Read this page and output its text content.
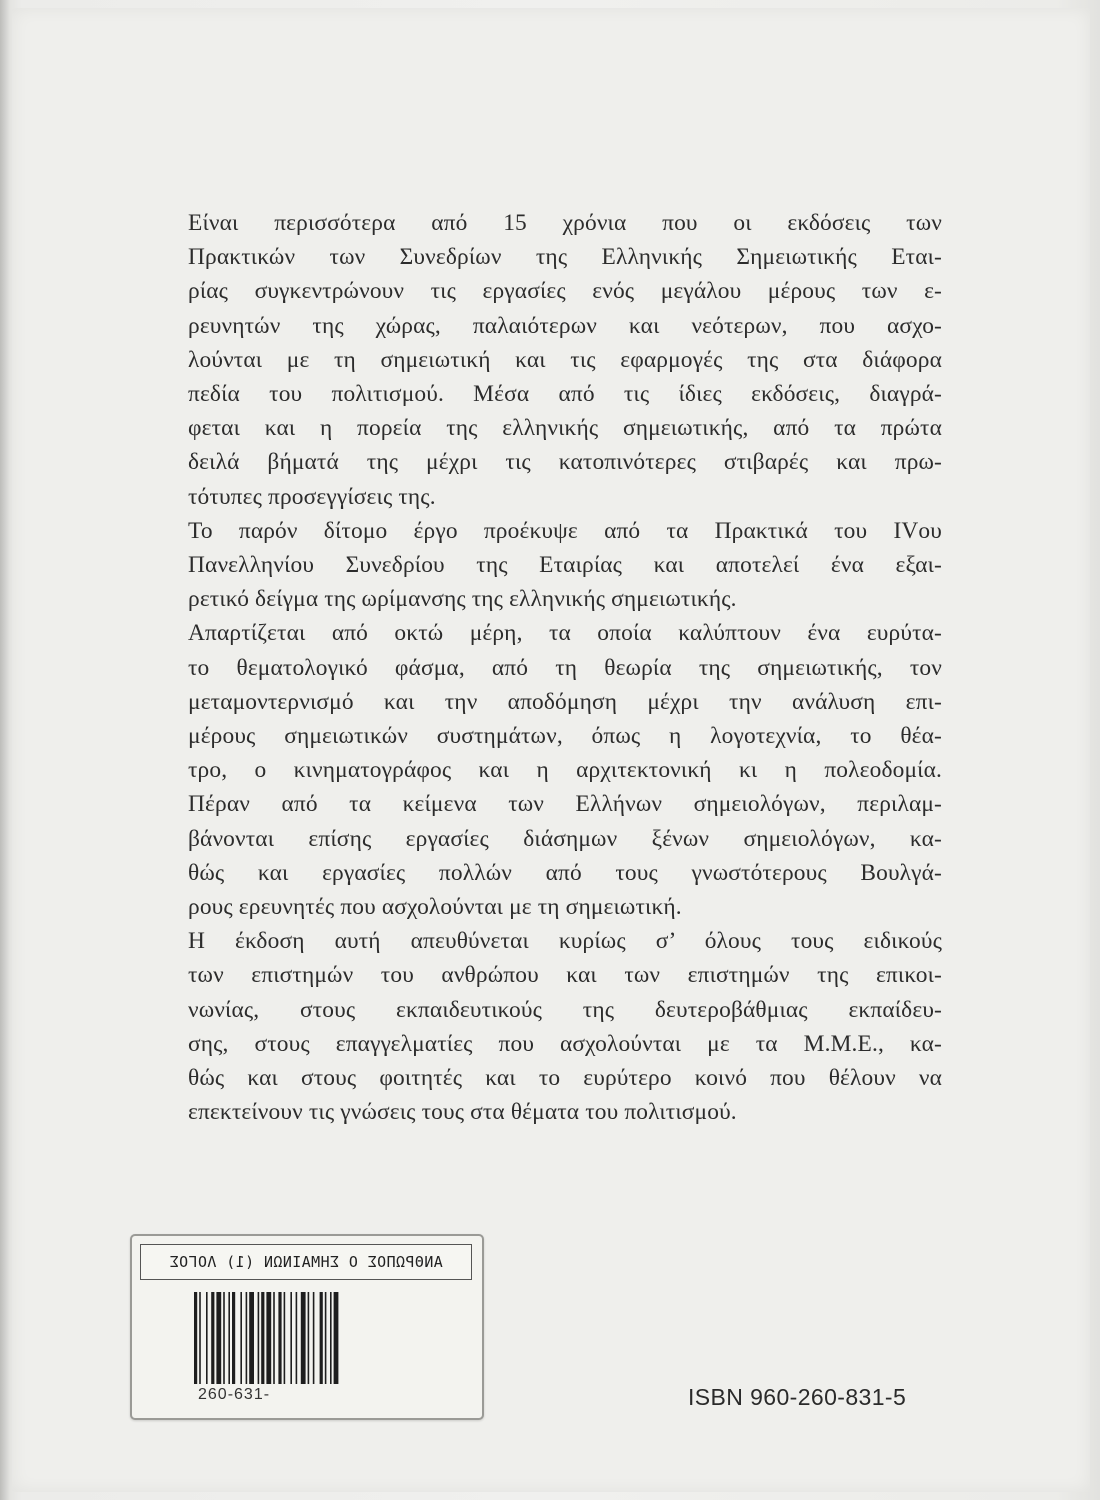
Είναι περισσότερα από 15 χρόνια που οι εκδόσεις των
Πρακτικών των Συνεδρίων της Ελληνικής Σημειωτικής Εται-
ρίας συγκεντρώνουν τις εργασίες ενός μεγάλου μέρους των ε-
ρευνητών της χώρας, παλαιότερων και νεότερων, που ασχο-
λούνται με τη σημειωτική και τις εφαρμογές της στα διάφορα
πεδία του πολιτισμού. Μέσα από τις ίδιες εκδόσεις, διαγρά-
φεται και η πορεία της ελληνικής σημειωτικής, από τα πρώτα
δειλά βήματά της μέχρι τις κατοπινότερες στιβαρές και πρω-
τότυπες προσεγγίσεις της.
Το παρόν δίτομο έργο προέκυψε από τα Πρακτικά του IVου
Πανελληνίου Συνεδρίου της Εταιρίας και αποτελεί ένα εξαι-
ρετικό δείγμα της ωρίμανσης της ελληνικής σημειωτικής.
Απαρτίζεται από οκτώ μέρη, τα οποία καλύπτουν ένα ευρύτα-
το θεματολογικό φάσμα, από τη θεωρία της σημειωτικής, τον
μεταμοντερνισμό και την αποδόμηση μέχρι την ανάλυση επι-
μέρους σημειωτικών συστημάτων, όπως η λογοτεχνία, το θέα-
τρο, ο κινηματογράφος και η αρχιτεκτονική κι η πολεοδομία.
Πέραν από τα κείμενα των Ελλήνων σημειολόγων, περιλαμ-
βάνονται επίσης εργασίες διάσημων ξένων σημειολόγων, κα-
θώς και εργασίες πολλών από τους γνωστότερους Βουλγά-
ρους ερευνητές που ασχολούνται με τη σημειωτική.
Η έκδοση αυτή απευθύνεται κυρίως σ’ όλους τους ειδικούς
των επιστημών του ανθρώπου και των επιστημών της επικοι-
νωνίας, στους εκπαιδευτικούς της δευτεροβάθμιας εκπαίδευ-
σης, στους επαγγελματίες που ασχολούνται με τα Μ.Μ.Ε., κα-
θώς και στους φοιτητές και το ευρύτερο κοινό που θέλουν να
επεκτείνουν τις γνώσεις τους στα θέματα του πολιτισμού.
ΑΝΘΡΩΠΟΣ Ο ΣΗΜΑΙΝΩΝ (1) ΛΟΓΟΣ
260-631-	ISBN 960-260-831-5
